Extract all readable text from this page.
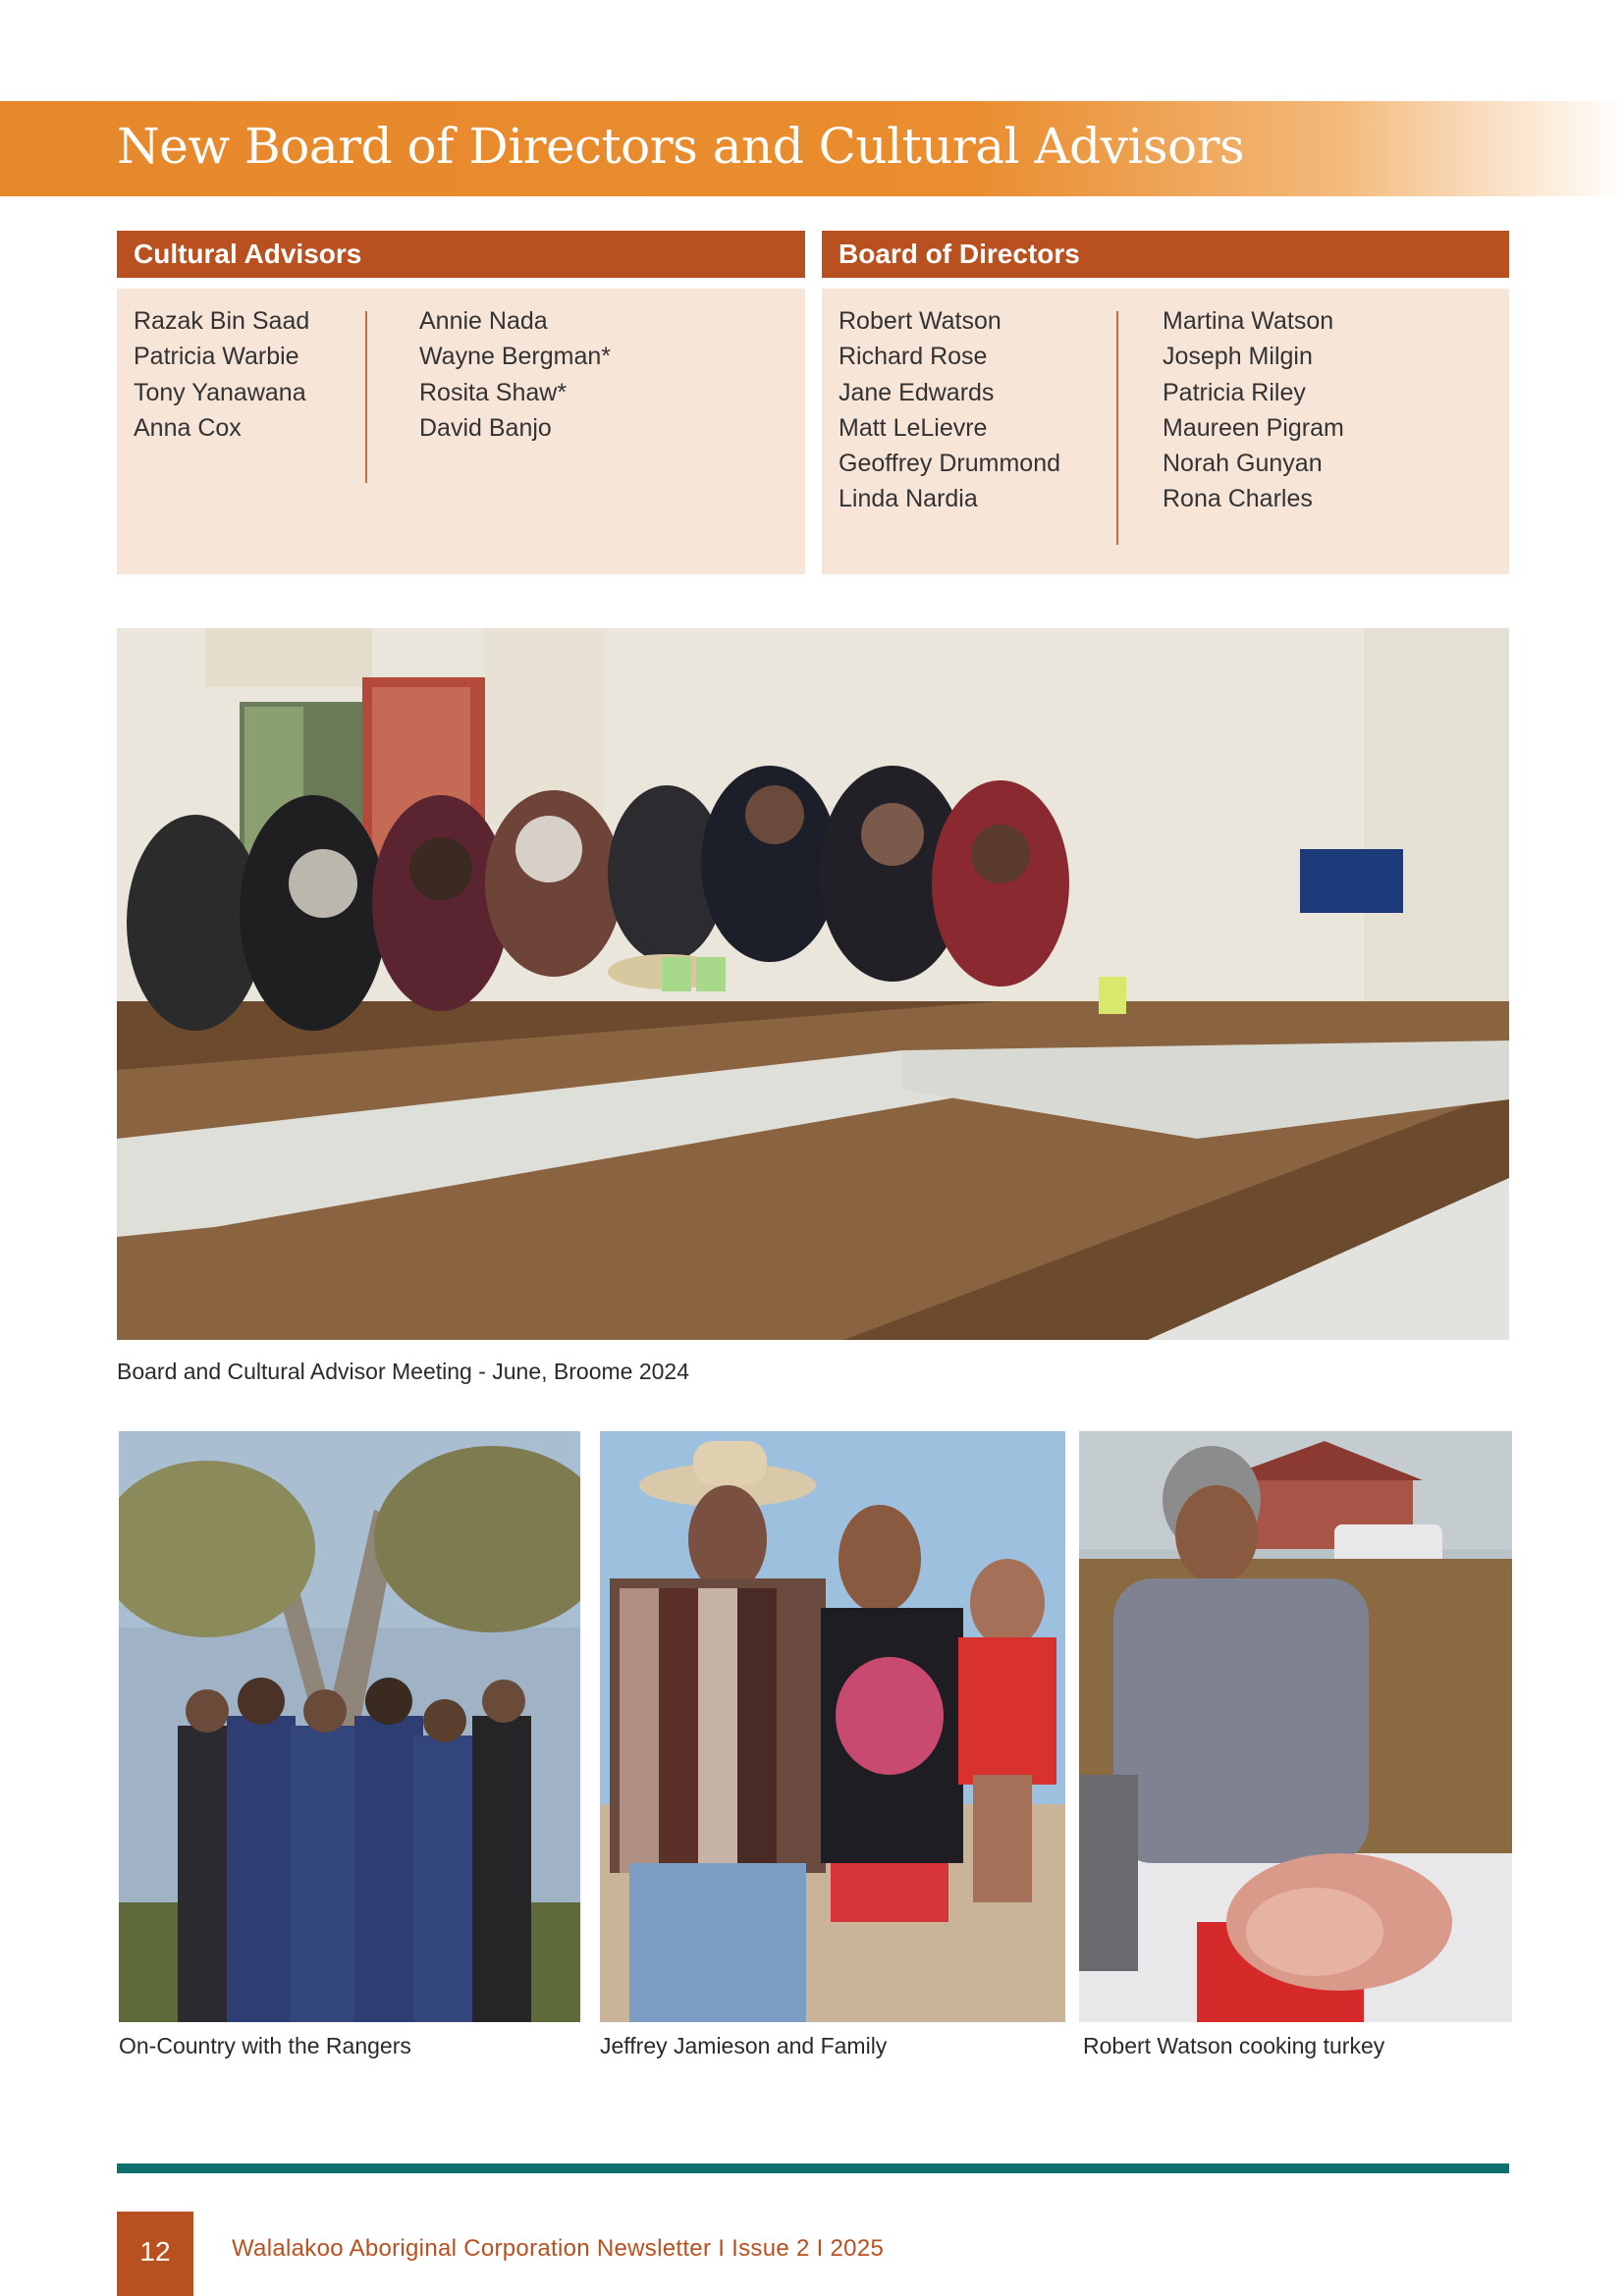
New Board of Directors and Cultural Advisors
Cultural Advisors
Razak Bin Saad
Patricia Warbie
Tony Yanawana
Anna Cox
Annie Nada
Wayne Bergman*
Rosita Shaw*
David Banjo
Board of Directors
Robert Watson
Richard Rose
Jane Edwards
Matt LeLievre
Geoffrey Drummond
Linda Nardia
Martina Watson
Joseph Milgin
Patricia Riley
Maureen Pigram
Norah Gunyan
Rona Charles
Board and Cultural Advisor Meeting - June, Broome 2024
On-Country with the Rangers	Jeffrey Jamieson and Family	Robert Watson cooking turkey
12	Walalakoo Aboriginal Corporation Newsletter I Issue 2 I 2025
